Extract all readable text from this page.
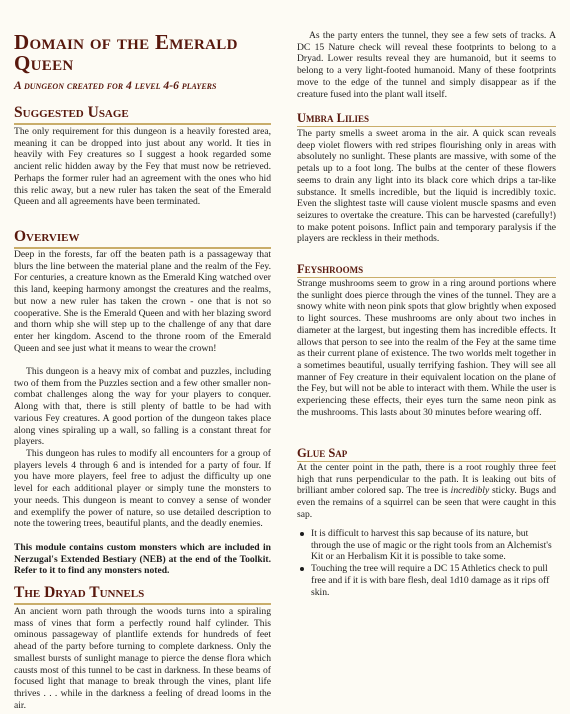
Domain of the Emerald Queen
A dungeon created for 4 level 4-6 players
Suggested Usage

The only requirement for this dungeon is a heavily forested area, meaning it can be dropped into just about any world. It ties in heavily with Fey creatures so I suggest a hook regarded some ancient relic hidden away by the Fey that must now be retrieved. Perhaps the former ruler had an agreement with the ones who hid this relic away, but a new ruler has taken the seat of the Emerald Queen and all agreements have been terminated.

Overview

Deep in the forests, far off the beaten path is a passageway that blurs the line between the material plane and the realm of the Fey. For centuries, a creature known as the Emerald King watched over this land, keeping harmony amongst the creatures and the realms, but now a new ruler has taken the crown - one that is not so cooperative. She is the Emerald Queen and with her blazing sword and thorn whip she will step up to the challenge of any that dare enter her kingdom. Ascend to the throne room of the Emerald Queen and see just what it means to wear the crown!

This dungeon is a heavy mix of combat and puzzles, including two of them from the Puzzles section and a few other smaller non-combat challenges along the way for your players to conquer. Along with that, there is still plenty of battle to be had with various Fey creatures. A good portion of the dungeon takes place along vines spiraling up a wall, so falling is a constant threat for players.

This dungeon has rules to modify all encounters for a group of players levels 4 through 6 and is intended for a party of four. If you have more players, feel free to adjust the difficulty up one level for each additional player or simply tune the monsters to your needs. This dungeon is meant to convey a sense of wonder and exemplify the power of nature, so use detailed description to note the towering trees, beautiful plants, and the deadly enemies.

This module contains custom monsters which are included in Nerzugal's Extended Bestiary (NEB) at the end of the Toolkit. Refer to it to find any monsters noted.

The Dryad Tunnels

An ancient worn path through the woods turns into a spiraling mass of vines that form a perfectly round half cylinder. This ominous passageway of plantlife extends for hundreds of feet ahead of the party before turning to complete darkness. Only the smallest bursts of sunlight manage to pierce the dense flora which causts most of this tunnel to be cast in darkness. In these beams of focused light that manage to break through the vines, plant life thrives . . . while in the darkness a feeling of dread looms in the air.

As the party enters the tunnel, they see a few sets of tracks. A DC 15 Nature check will reveal these footprints to belong to a Dryad. Lower results reveal they are humanoid, but it seems to belong to a very light-footed humanoid. Many of these footprints move to the edge of the tunnel and simply disappear as if the creature fused into the plant wall itself.

Umbra Lilies

The party smells a sweet aroma in the air. A quick scan reveals deep violet flowers with red stripes flourishing only in areas with absolutely no sunlight. These plants are massive, with some of the petals up to a foot long. The bulbs at the center of these flowers seems to drain any light into its black core which drips a tar-like substance. It smells incredible, but the liquid is incredibly toxic. Even the slightest taste will cause violent muscle spasms and even seizures to overtake the creature. This can be harvested (carefully!) to make potent poisons. Inflict pain and temporary paralysis if the players are reckless in their methods.

Feyshrooms

Strange mushrooms seem to grow in a ring around portions where the sunlight does pierce through the vines of the tunnel. They are a snowy white with neon pink spots that glow brightly when exposed to light sources. These mushrooms are only about two inches in diameter at the largest, but ingesting them has incredible effects. It allows that person to see into the realm of the Fey at the same time as their current plane of existence. The two worlds melt together in a sometimes beautiful, usually terrifying fashion. They will see all manner of Fey creature in their equivalent location on the plane of the Fey, but will not be able to interact with them. While the user is experiencing these effects, their eyes turn the same neon pink as the mushrooms. This lasts about 30 minutes before wearing off.

Glue Sap

At the center point in the path, there is a root roughly three feet high that runs perpendicular to the path. It is leaking out bits of brilliant amber colored sap. The tree is incredibly sticky. Bugs and even the remains of a squirrel can be seen that were caught in this sap.

It is difficult to harvest this sap because of its nature, but through the use of magic or the right tools from an Alchemist's Kit or an Herbalism Kit it is possible to take some.
Touching the tree will require a DC 15 Athletics check to pull free and if it is with bare flesh, deal 1d10 damage as it rips off skin.
